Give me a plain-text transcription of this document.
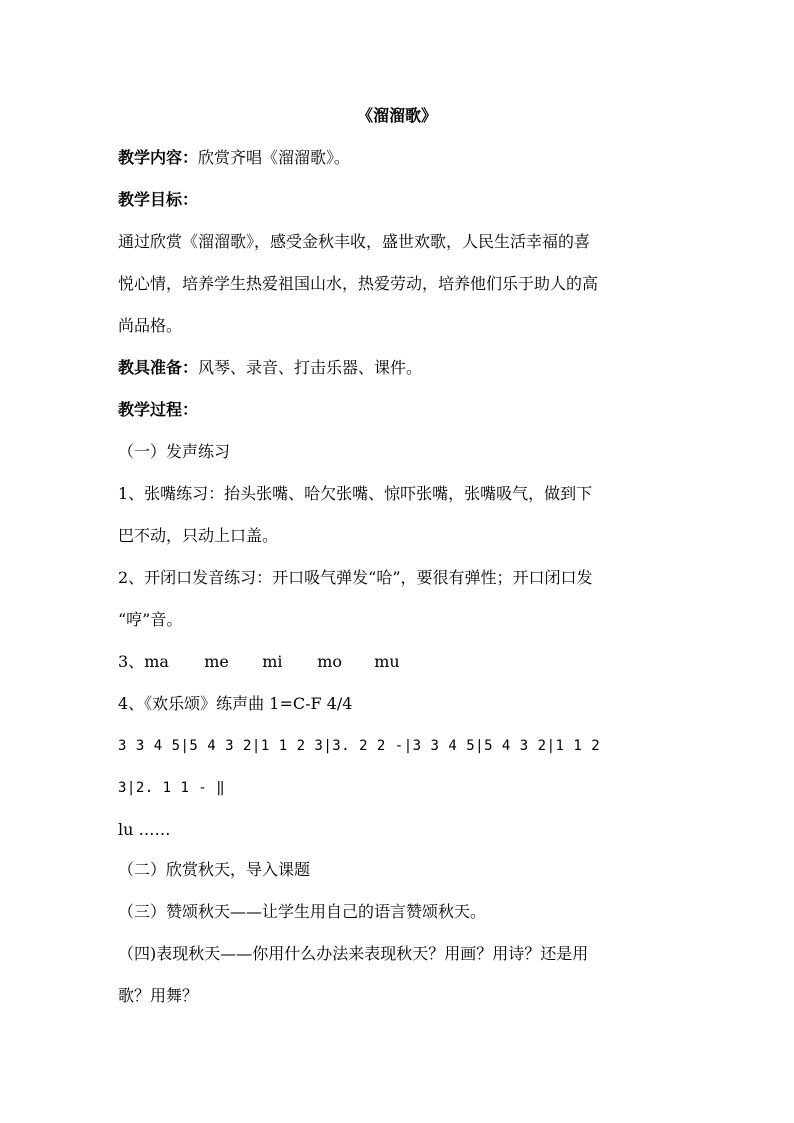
《溜溜歌》
教学内容：欣赏齐唱《溜溜歌》。
教学目标：
通过欣赏《溜溜歌》，感受金秋丰收，盛世欢歌，人民生活幸福的喜
悦心情，培养学生热爱祖国山水，热爱劳动，培养他们乐于助人的高
尚品格。
教具准备：风琴、录音、打击乐器、课件。
教学过程：
（一）发声练习
1、张嘴练习：抬头张嘴、哈欠张嘴、惊吓张嘴，张嘴吸气，做到下
巴不动，只动上口盖。
2、开闭口发音练习：开口吸气弹发“哈”，要很有弹性；开口闭口发
“哼”音。
3、ma me mi mo mu
4、《欢乐颂》练声曲 1=C-F 4/4
3 3 4 5|5 4 3 2|1 1 2 3|3. 2 2 -|3 3 4 5|5 4 3 2|1 1 2
3|2. 1 1 - ‖
lu ……
（二）欣赏秋天，导入课题
（三）赞颂秋天——让学生用自己的语言赞颂秋天。
（四)表现秋天——你用什么办法来表现秋天？用画？用诗？还是用
歌？用舞？
